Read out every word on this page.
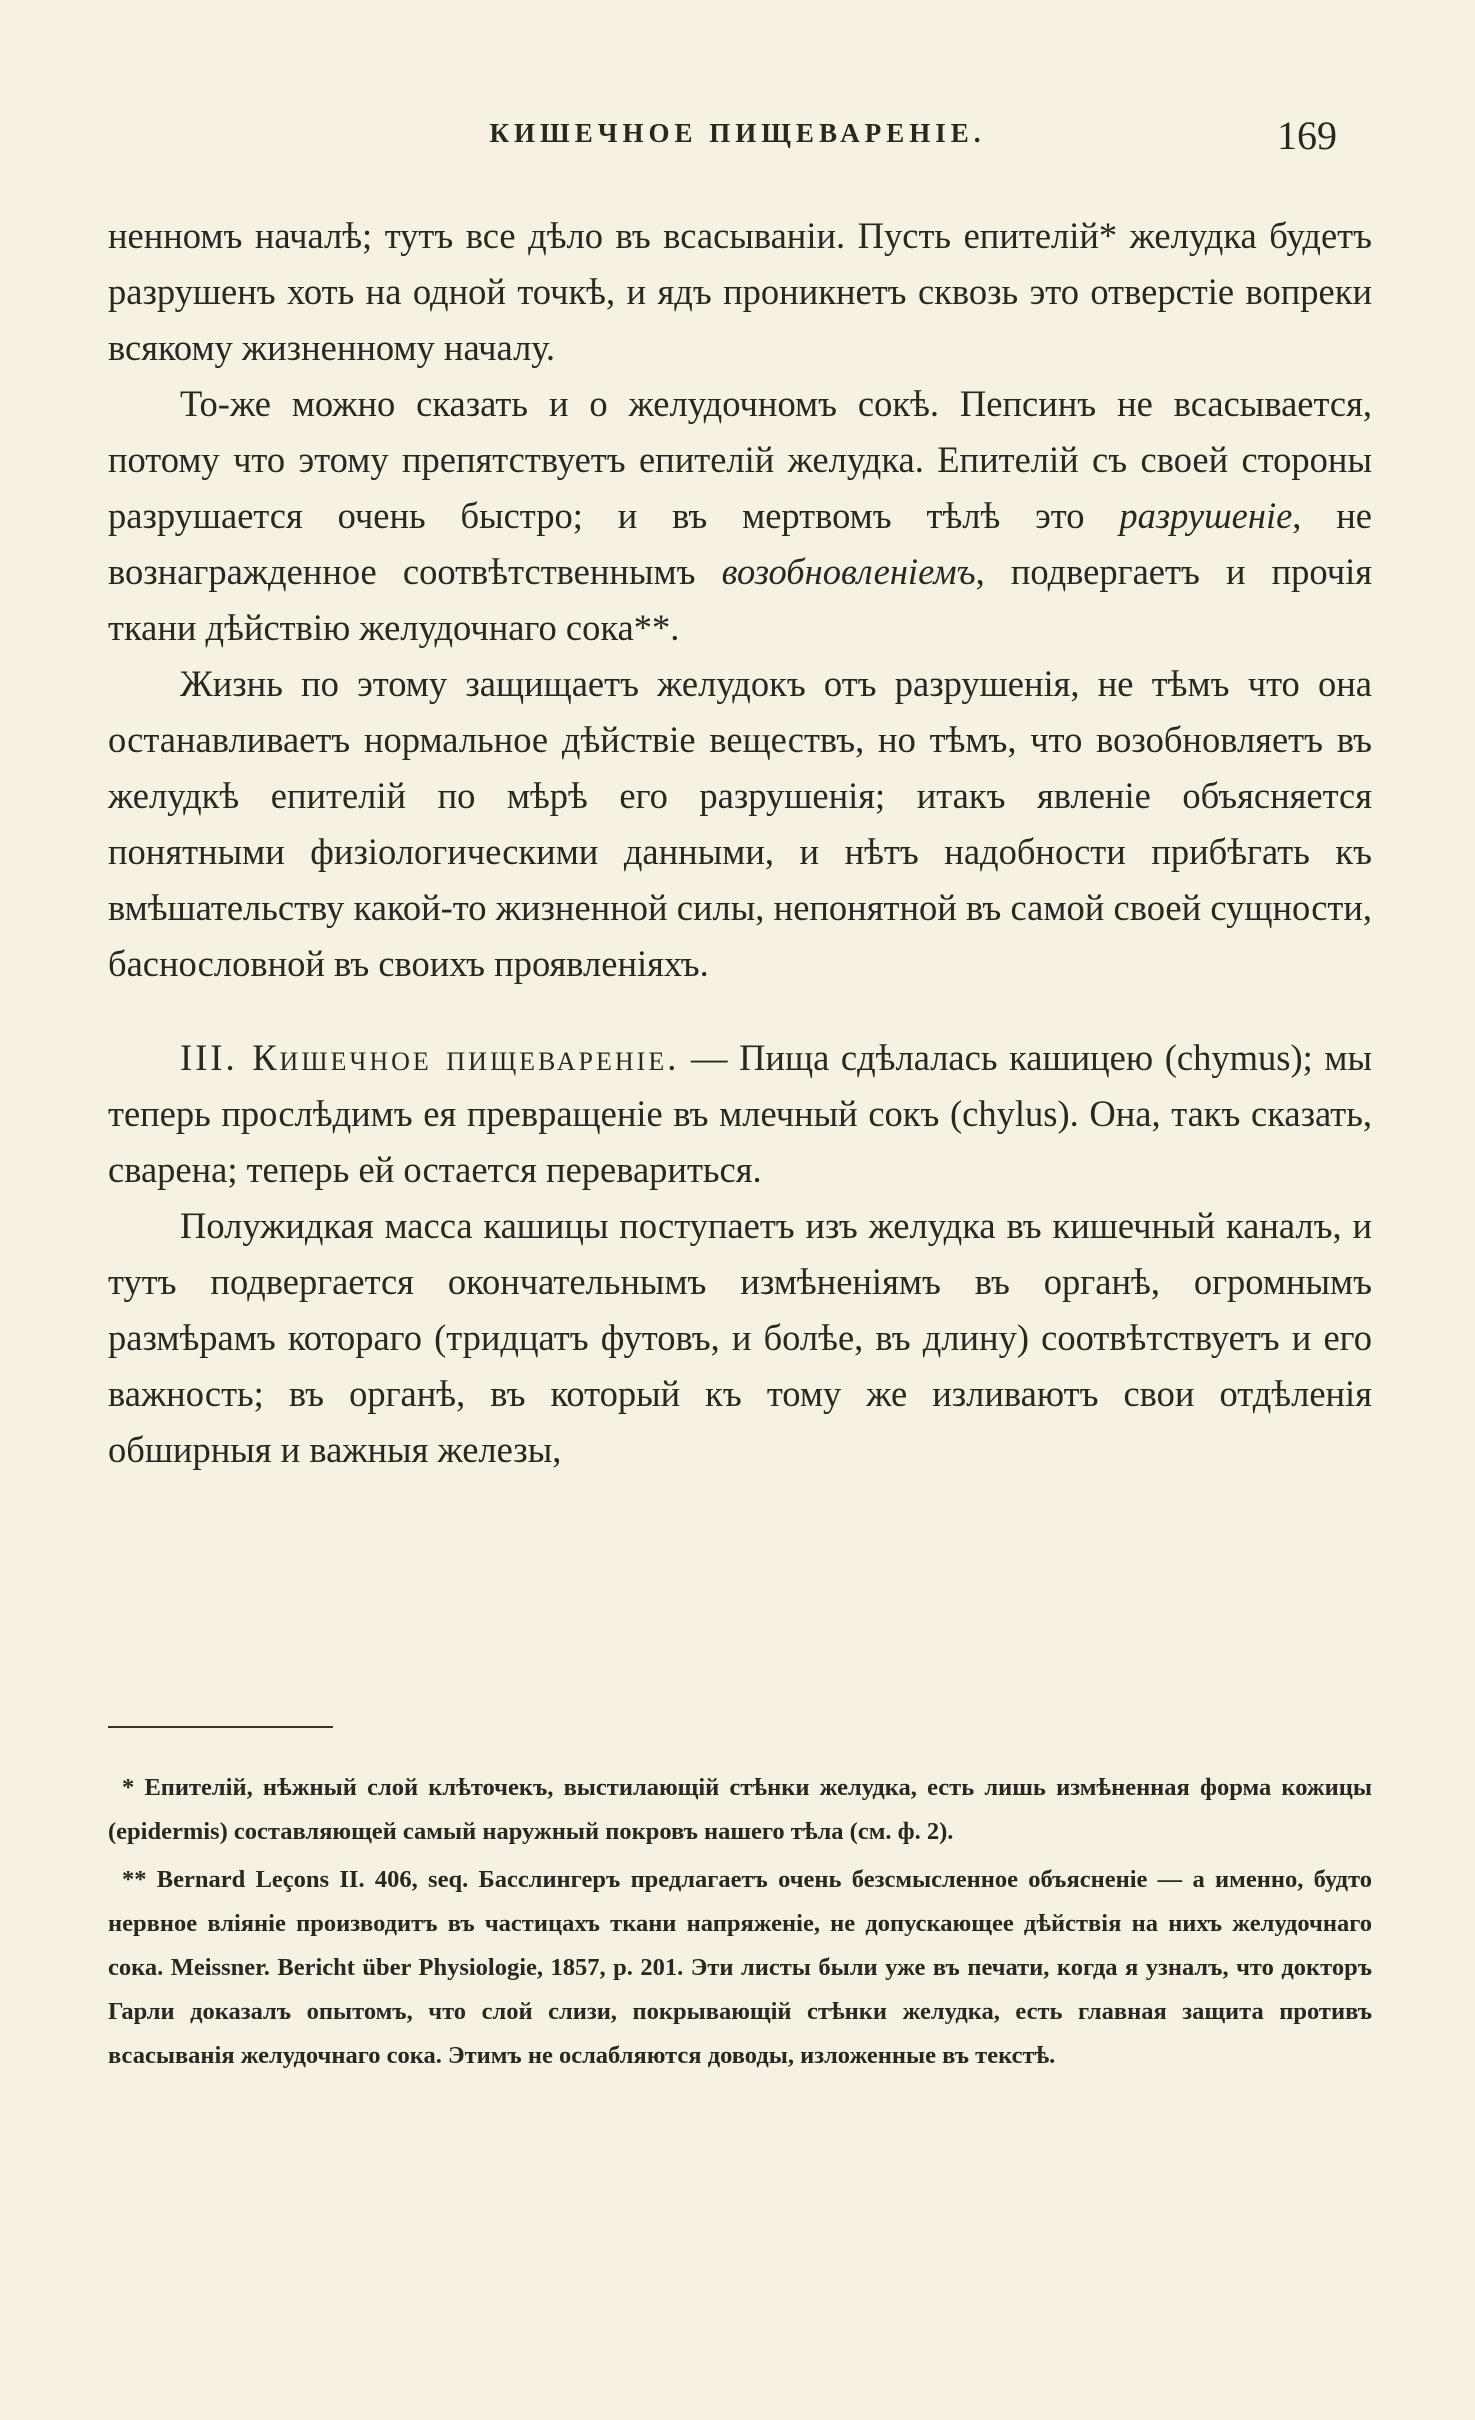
КИШЕЧНОЕ ПИЩЕВАРЕНІЕ.	169

ненномъ началѣ; тутъ все дѣло въ всасываніи. Пусть епителій* желудка будетъ разрушенъ хоть на одной точкѣ, и ядъ проникнетъ сквозь это отверстіе вопреки всякому жизненному началу.

То-же можно сказать и о желудочномъ сокѣ. Пепсинъ не всасывается, потому что этому препятствуетъ епителій желудка. Епителій съ своей стороны разрушается очень быстро; и въ мертвомъ тѣлѣ это разрушеніе, не вознагражденное соотвѣтственнымъ возобновленіемъ, подвергаетъ и прочія ткани дѣйствію желудочнаго сока**.

Жизнь по этому защищаетъ желудокъ отъ разрушенія, не тѣмъ что она останавливаетъ нормальное дѣйствіе веществъ, но тѣмъ, что возобновляетъ въ желудкѣ епителій по мѣрѣ его разрушенія; итакъ явленіе объясняется понятными физіологическими данными, и нѣтъ надобности прибѣгать къ вмѣшательству какой-то жизненной силы, непонятной въ самой своей сущности, баснословной въ своихъ проявленіяхъ.

III. Кишечное пищевареніе. — Пища сдѣлалась кашицею (chymus); мы теперь прослѣдимъ ея превращеніе въ млечный сокъ (chylus). Она, такъ сказать, сварена; теперь ей остается перевариться.

Полужидкая масса кашицы поступаетъ изъ желудка въ кишечный каналъ, и тутъ подвергается окончательнымъ измѣненіямъ въ органѣ, огромнымъ размѣрамъ котораго (тридцатъ футовъ, и болѣе, въ длину) соотвѣтствуетъ и его важность; въ органѣ, въ который къ тому же изливаютъ свои отдѣленія обширныя и важныя железы,

* Епителій, нѣжный слой клѣточекъ, выстилающій стѣнки желудка, есть лишь измѣненная форма кожицы (epidermis) составляющей самый наружный покровъ нашего тѣла (см. ф. 2).

** Bernard Leçons II. 406, seq. Басслингеръ предлагаетъ очень безсмысленное объясненіе — а именно, будто нервное вліяніе производитъ въ частицахъ ткани напряженіе, не допускающее дѣйствія на нихъ желудочнаго сока. Meissner. Bericht über Physiologie, 1857, p. 201. Эти листы были уже въ печати, когда я узналъ, что докторъ Гарли доказалъ опытомъ, что слой слизи, покрывающій стѣнки желудка, есть главная защита противъ всасыванія желудочнаго сока. Этимъ не ослабляются доводы, изложенные въ текстѣ.
